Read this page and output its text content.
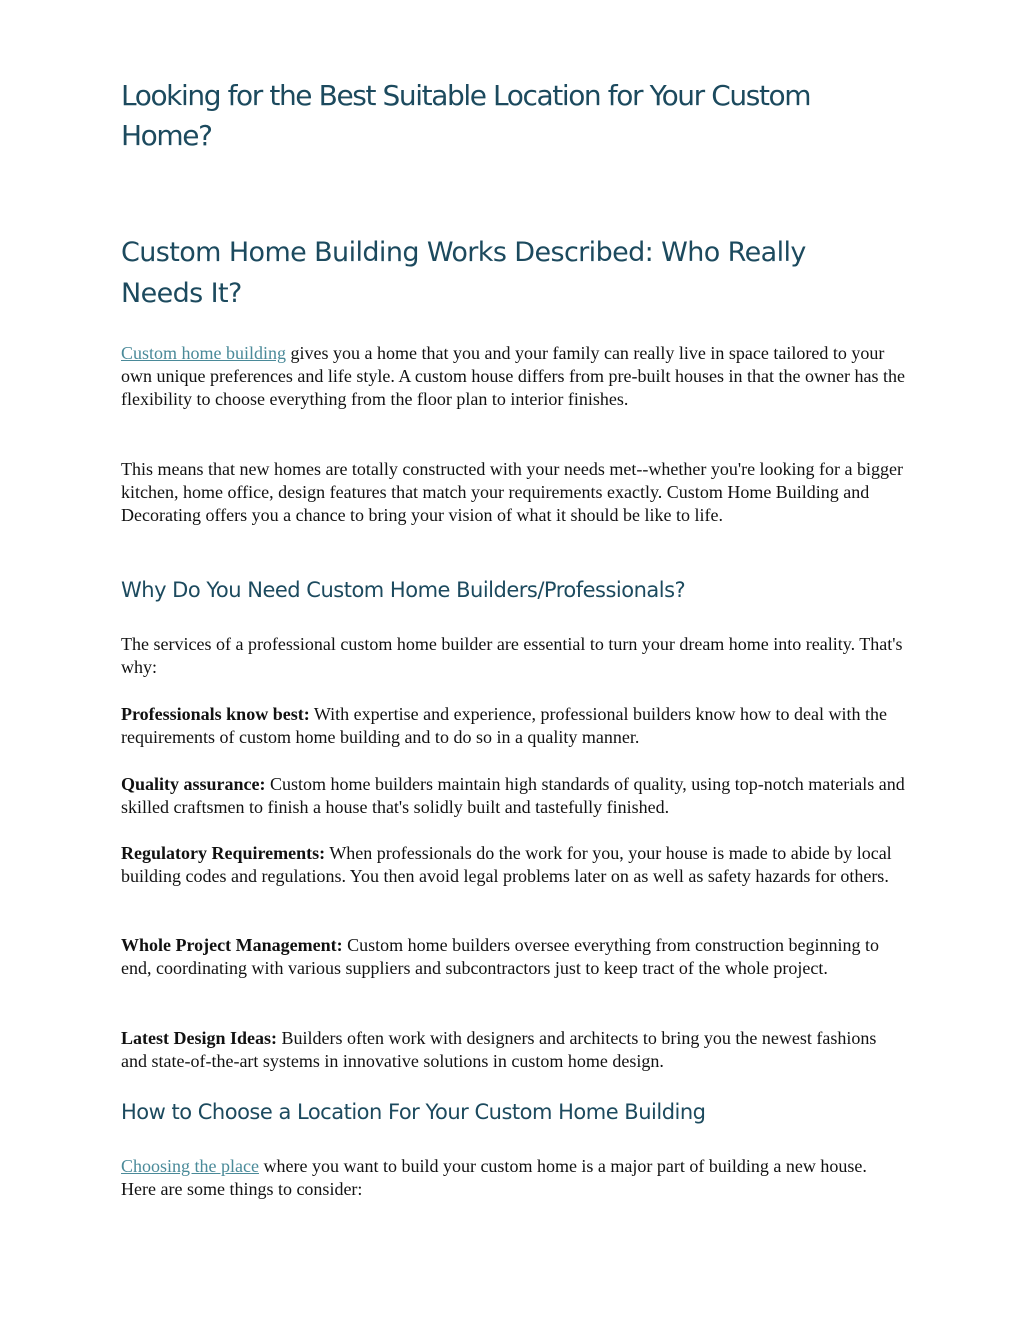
Looking for the Best Suitable Location for Your Custom Home?
Custom Home Building Works Described: Who Really Needs It?

Custom home building gives you a home that you and your family can really live in space tailored to your own unique preferences and life style. A custom house differs from pre-built houses in that the owner has the flexibility to choose everything from the floor plan to interior finishes.

This means that new homes are totally constructed with your needs met--whether you're looking for a bigger kitchen, home office, design features that match your requirements exactly. Custom Home Building and Decorating offers you a chance to bring your vision of what it should be like to life.

Why Do You Need Custom Home Builders/Professionals?

The services of a professional custom home builder are essential to turn your dream home into reality. That's why:

Professionals know best: With expertise and experience, professional builders know how to deal with the requirements of custom home building and to do so in a quality manner.

Quality assurance: Custom home builders maintain high standards of quality, using top-notch materials and skilled craftsmen to finish a house that's solidly built and tastefully finished.

Regulatory Requirements: When professionals do the work for you, your house is made to abide by local building codes and regulations. You then avoid legal problems later on as well as safety hazards for others.

Whole Project Management: Custom home builders oversee everything from construction beginning to end, coordinating with various suppliers and subcontractors just to keep tract of the whole project.

Latest Design Ideas: Builders often work with designers and architects to bring you the newest fashions and state-of-the-art systems in innovative solutions in custom home design.

How to Choose a Location For Your Custom Home Building

Choosing the place where you want to build your custom home is a major part of building a new house. Here are some things to consider:
